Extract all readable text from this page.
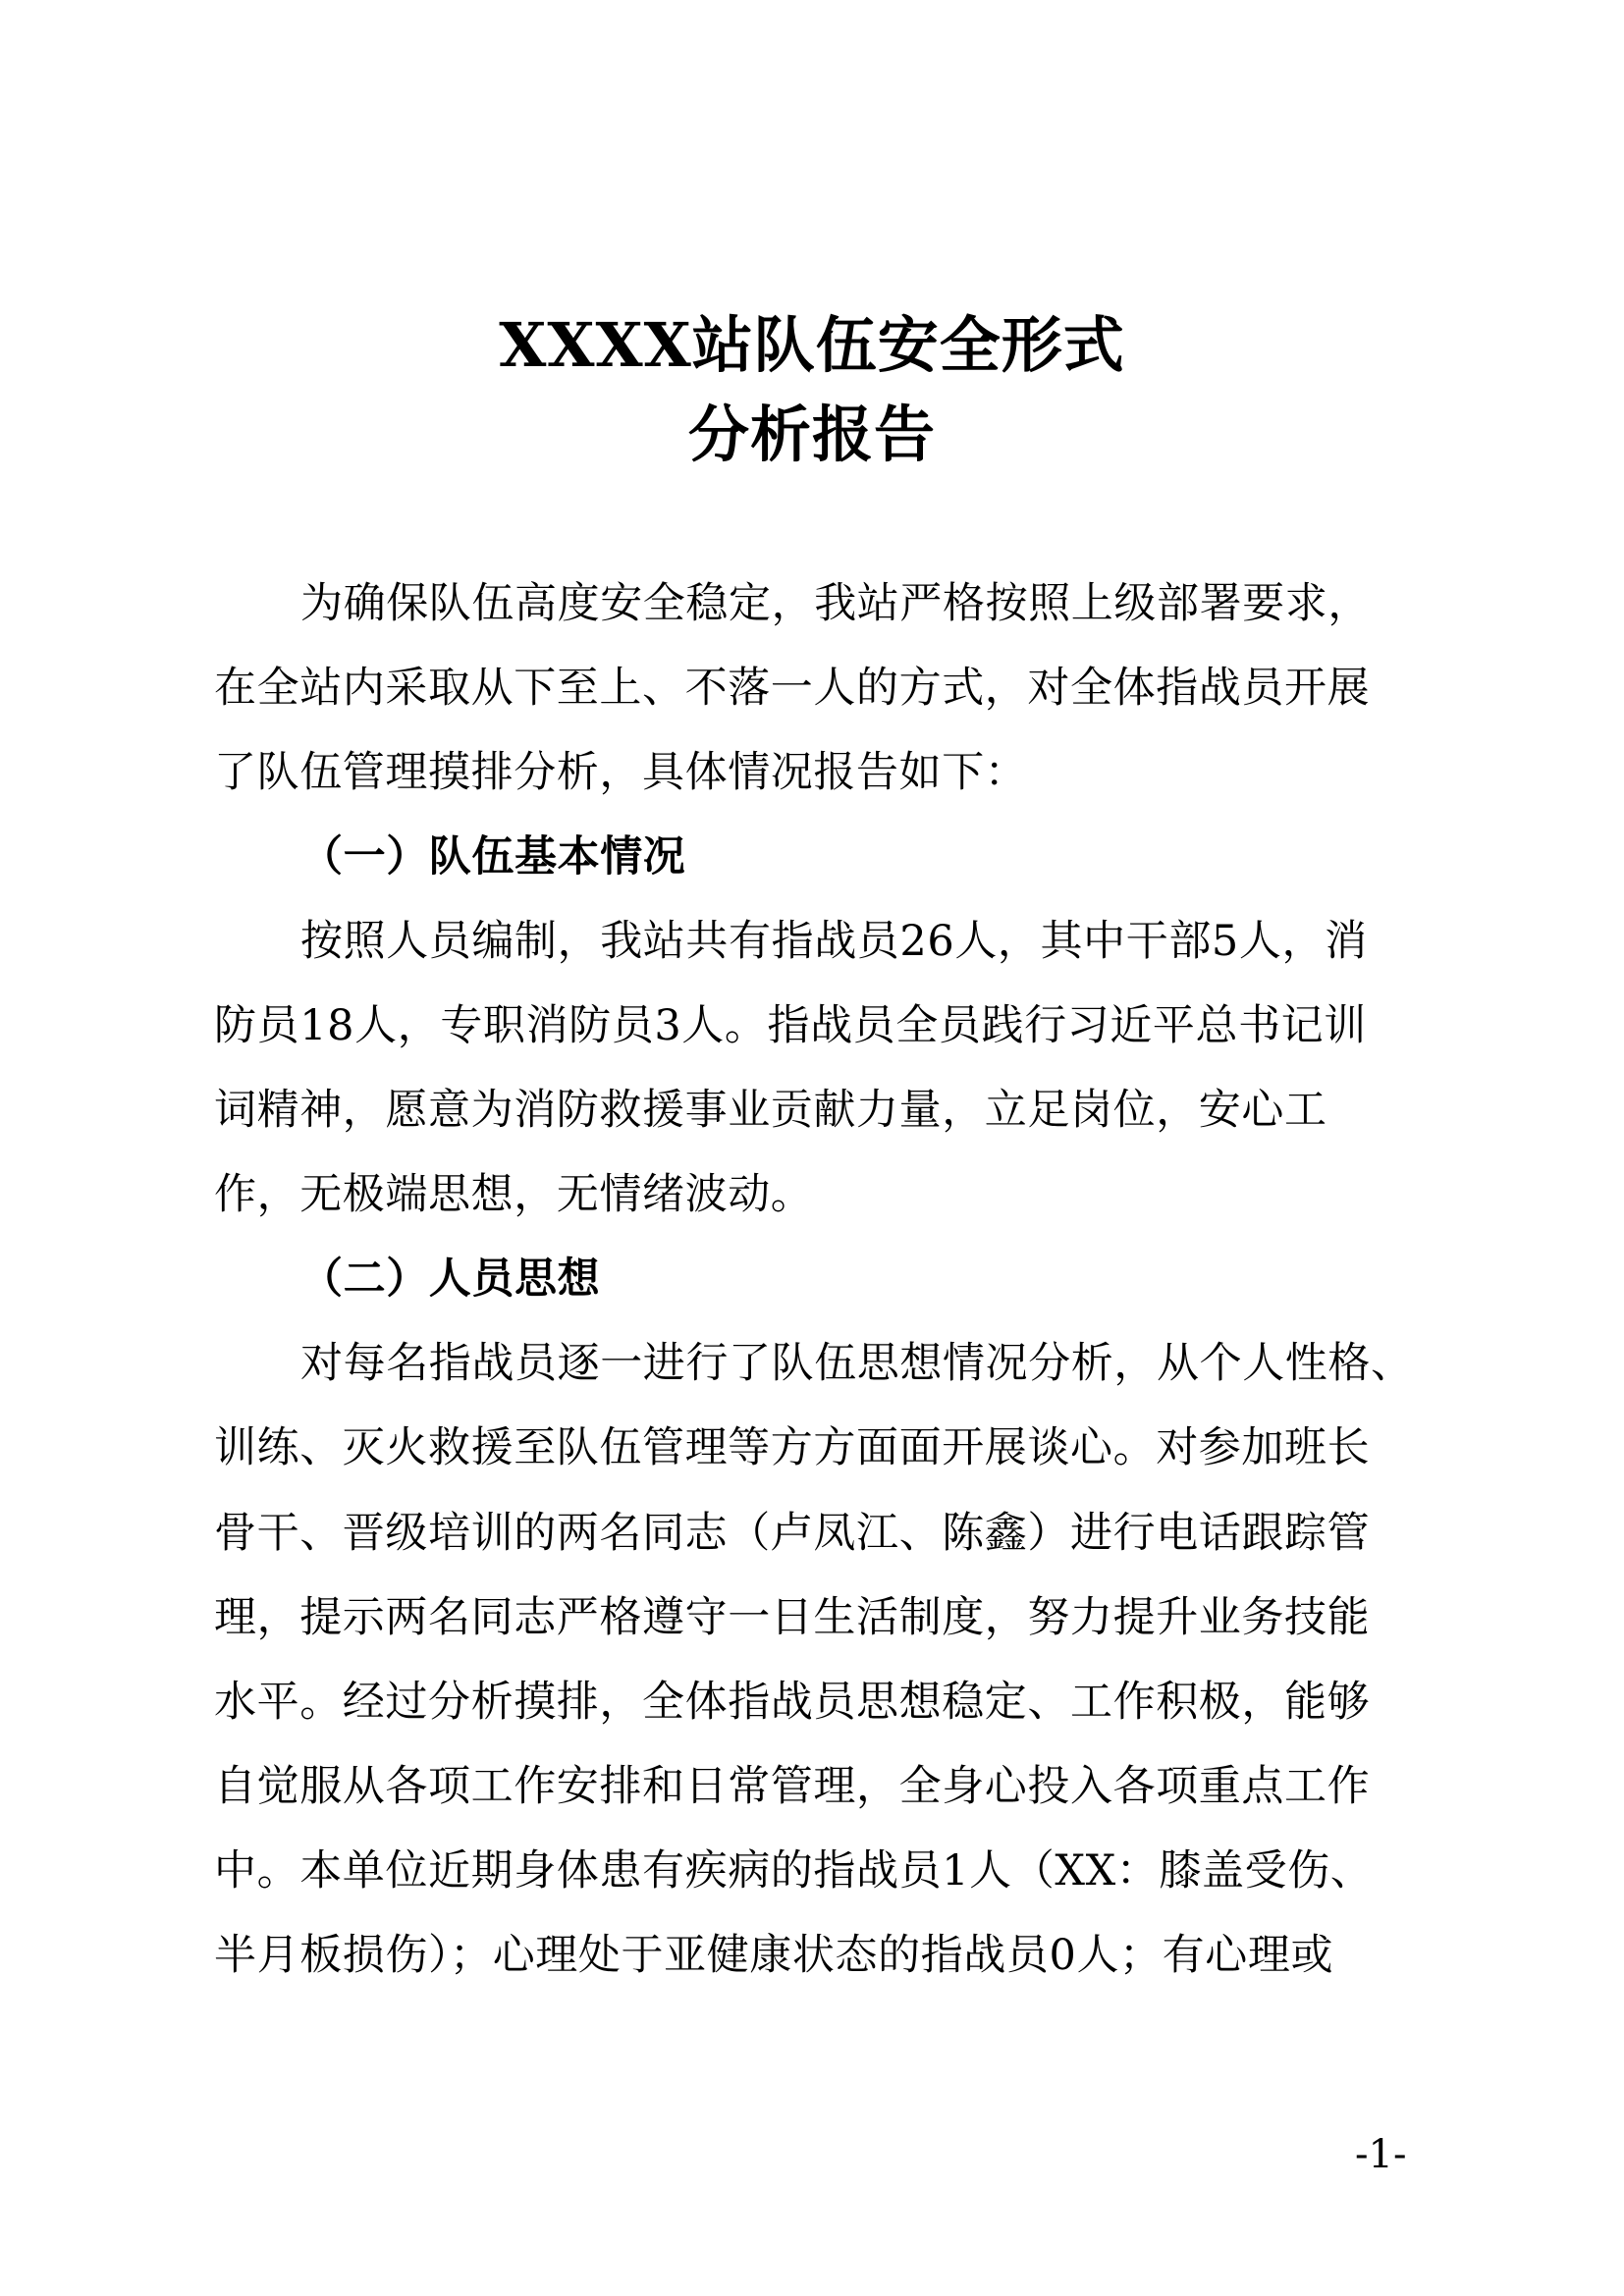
XXXX站队伍安全形式
分析报告
为确保队伍高度安全稳定，我站严格按照上级部署要求，
在全站内采取从下至上、不落一人的方式，对全体指战员开展
了队伍管理摸排分析，具体情况报告如下：
（一）队伍基本情况
按照人员编制，我站共有指战员26人，其中干部5人，消
防员18人，专职消防员3人。指战员全员践行习近平总书记训
词精神，愿意为消防救援事业贡献力量，立足岗位，安心工
作，无极端思想，无情绪波动。
（二）人员思想
对每名指战员逐一进行了队伍思想情况分析，从个人性格、
训练、灭火救援至队伍管理等方方面面开展谈心。对参加班长
骨干、晋级培训的两名同志（卢凤江、陈鑫）进行电话跟踪管
理，提示两名同志严格遵守一日生活制度，努力提升业务技能
水平。经过分析摸排，全体指战员思想稳定、工作积极，能够
自觉服从各项工作安排和日常管理，全身心投入各项重点工作
中。本单位近期身体患有疾病的指战员1人（XX：膝盖受伤、
半月板损伤）；心理处于亚健康状态的指战员0人；有心理或
-1-
